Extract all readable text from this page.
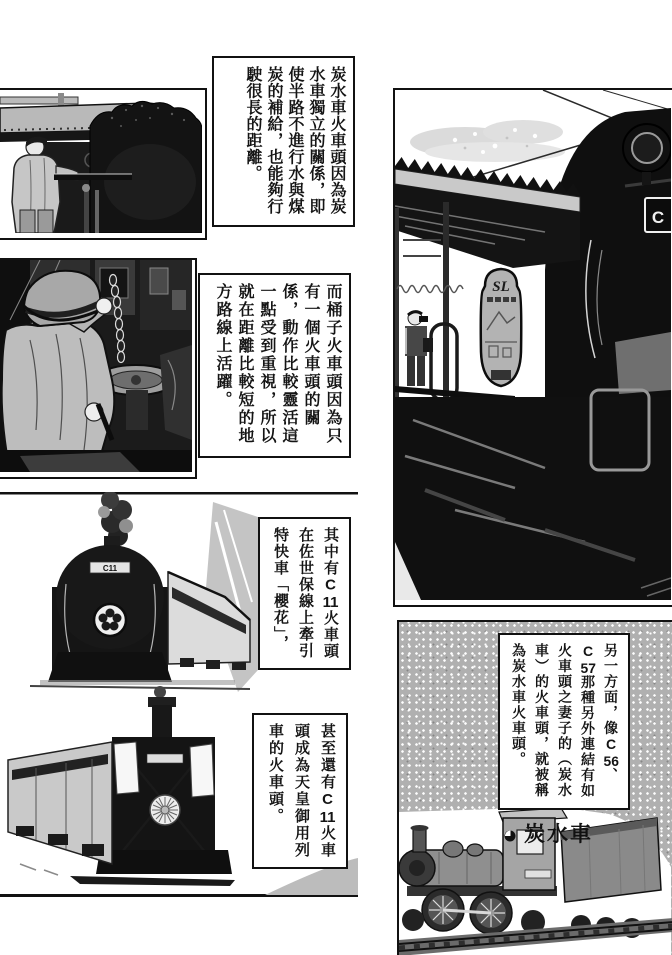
炭水車火車頭因為炭水車獨立的關係，即使半路不進行水與煤炭的補給，也能夠行駛很長的距離。
而桶子火車頭因為只有一個火車頭的關係，動作比較靈活這一點受到重視，所以就在距離比較短的地方路線上活躍。
C
SL
C11	其中有C11火車頭在佐世保線上牽引特快車「櫻花」，
甚至還有C11火車頭成為天皇御用列車的火車頭。
另一方面，像C56、C57那種另外連結有如火車頭之妻子的（炭水車）的火車頭，就被稱為炭水車火車頭。
炭水車
